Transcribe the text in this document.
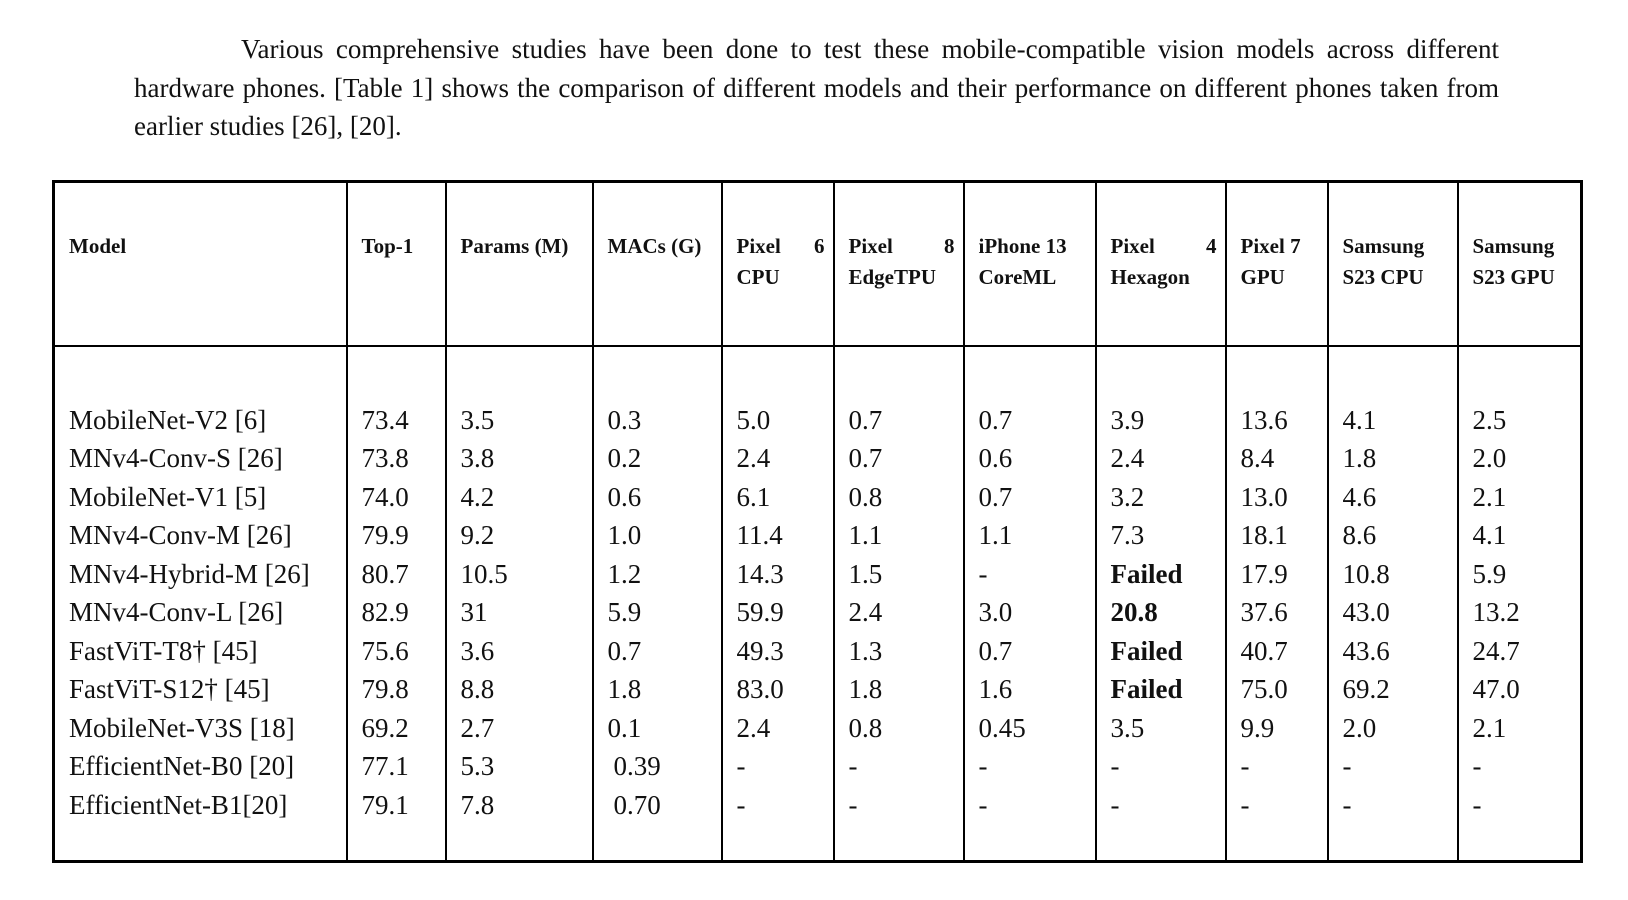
Various comprehensive studies have been done to test these mobile-compatible vision models across different hardware phones. [Table 1] shows the comparison of different models and their performance on different phones taken from earlier studies [26], [20].

Model	Top-1	Params (M)	MACs (G)	Pixel 6 CPU	Pixel 8 EdgeTPU	iPhone 13 CoreML	Pixel 4 Hexagon	Pixel 7 GPU	Samsung S23 CPU	Samsung S23 GPU

MobileNet-V2 [6]	73.4	3.5	0.3	5.0	0.7	0.7	3.9	13.6	4.1	2.5
MNv4-Conv-S [26]	73.8	3.8	0.2	2.4	0.7	0.6	2.4	8.4	1.8	2.0
MobileNet-V1 [5]	74.0	4.2	0.6	6.1	0.8	0.7	3.2	13.0	4.6	2.1
MNv4-Conv-M [26]	79.9	9.2	1.0	11.4	1.1	1.1	7.3	18.1	8.6	4.1
MNv4-Hybrid-M [26]	80.7	10.5	1.2	14.3	1.5	-	Failed	17.9	10.8	5.9
MNv4-Conv-L [26]	82.9	31	5.9	59.9	2.4	3.0	20.8	37.6	43.0	13.2
FastViT-T8† [45]	75.6	3.6	0.7	49.3	1.3	0.7	Failed	40.7	43.6	24.7
FastViT-S12† [45]	79.8	8.8	1.8	83.0	1.8	1.6	Failed	75.0	69.2	47.0
MobileNet-V3S [18]	69.2	2.7	0.1	2.4	0.8	0.45	3.5	9.9	2.0	2.1
EfficientNet-B0 [20]	77.1	5.3	0.39	-	-	-	-	-	-	-
EfficientNet-B1[20]	79.1	7.8	0.70	-	-	-	-	-	-	-
